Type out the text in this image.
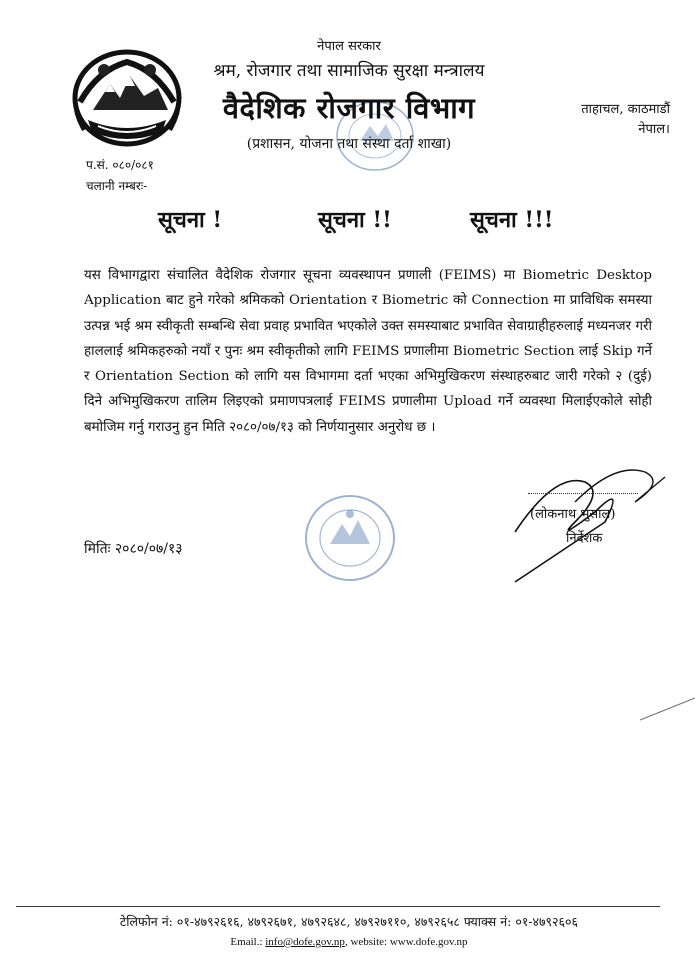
नेपाल सरकार
श्रम, रोजगार तथा सामाजिक सुरक्षा मन्त्रालय
वैदेशिक रोजगार विभाग
(प्रशासन, योजना तथा संस्था दर्ता शाखा)
ताहाचल, काठमाडौं
नेपाल।
प.सं. ०८०/०८१
चलानी नम्बरः-
सूचना !	सूचना !!	सूचना !!!
यस विभागद्वारा संचालित वैदेशिक रोजगार सूचना व्यवस्थापन प्रणाली (FEIMS) मा Biometric Desktop Application बाट हुने गरेको श्रमिकको Orientation र Biometric को Connection मा प्राविधिक समस्या उत्पन्न भई श्रम स्वीकृती सम्बन्धि सेवा प्रवाह प्रभावित भएकोले उक्त समस्याबाट प्रभावित सेवाग्राहीहरुलाई मध्यनजर गरी हाललाई श्रमिकहरुको नयाँ र पुनः श्रम स्वीकृतीको लागि FEIMS प्रणालीमा Biometric Section लाई Skip गर्ने र Orientation Section को लागि यस विभागमा दर्ता भएका अभिमुखिकरण संस्थाहरुबाट जारी गरेको २ (दुई) दिने अभिमुखिकरण तालिम लिइएको प्रमाणपत्रलाई FEIMS प्रणालीमा Upload गर्ने व्यवस्था मिलाईएकोले सोही बमोजिम गर्नु गराउनु हुन मिति २०८०/०७/१३ को निर्णयानुसार अनुरोध छ ।
मितिः २०८०/०७/१३
(लोकनाथ भुसाल)
निर्देशक
टेलिफोन नं: ०१-४७९२६१६, ४७९२६७१, ४७९२६४८, ४७९२७११०, ४७९२६५८ फ्याक्स नं: ०१-४७९२६०६
Email.: info@dofe.gov.np, website: www.dofe.gov.np
